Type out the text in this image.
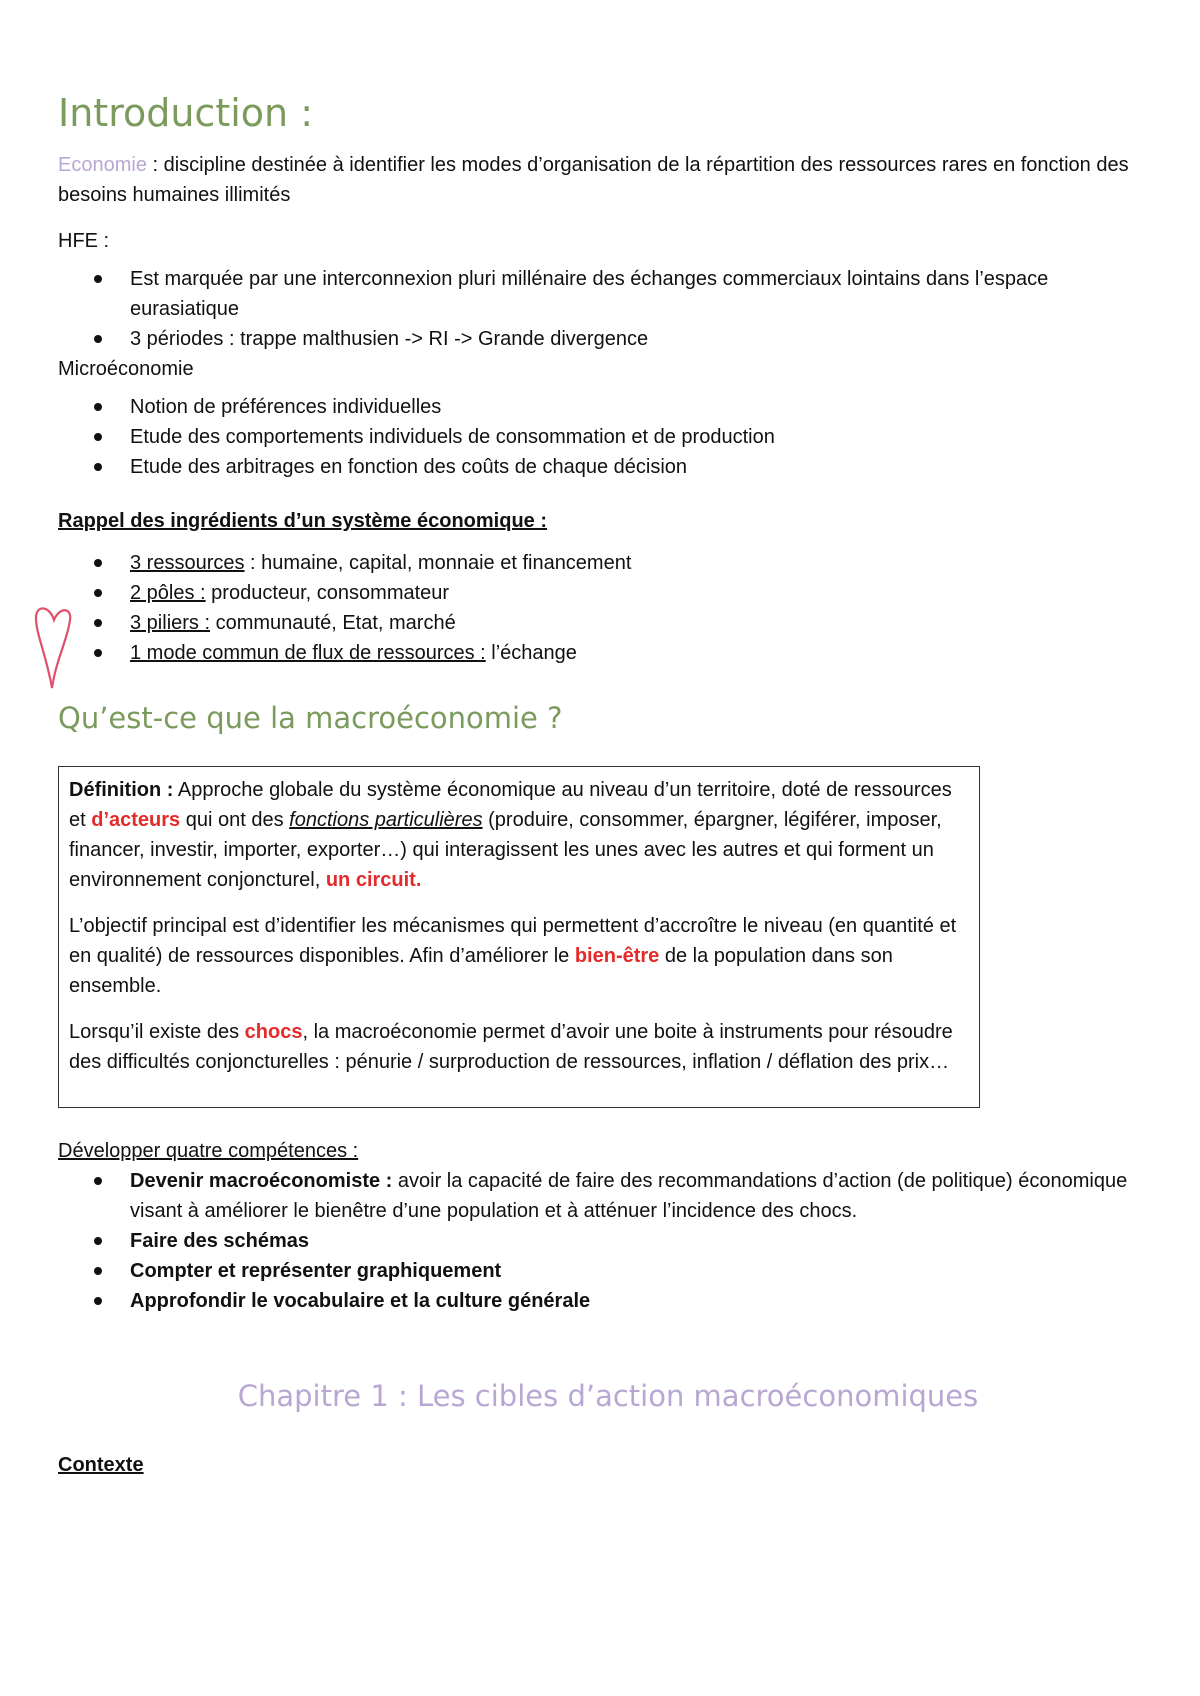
Introduction :

Economie : discipline destinée à identifier les modes d’organisation de la répartition des ressources rares en fonction des besoins humaines illimités

HFE :

Est marquée par une interconnexion pluri millénaire des échanges commerciaux lointains dans l’espace eurasiatique
3 périodes : trappe malthusien -> RI -> Grande divergence

Microéconomie

Notion de préférences individuelles
Etude des comportements individuels de consommation et de production
Etude des arbitrages en fonction des coûts de chaque décision

Rappel des ingrédients d’un système économique :

3 ressources : humaine, capital, monnaie et financement
2 pôles : producteur, consommateur
3 piliers : communauté, Etat, marché
1 mode commun de flux de ressources : l’échange
Qu’est-ce que la macroéconomie ?

Définition : Approche globale du système économique au niveau d’un territoire, doté de ressources et d’acteurs qui ont des fonctions particulières (produire, consommer, épargner, légiférer, imposer, financer, investir, importer, exporter…) qui interagissent les unes avec les autres et qui forment un environnement conjoncturel, un circuit.

L’objectif principal est d’identifier les mécanismes qui permettent d’accroître le niveau (en quantité et en qualité) de ressources disponibles. Afin d’améliorer le bien-être de la population dans son ensemble.

Lorsqu’il existe des chocs, la macroéconomie permet d’avoir une boite à instruments pour résoudre des difficultés conjoncturelles : pénurie / surproduction de ressources, inflation / déflation des prix…

Développer quatre compétences :

Devenir macroéconomiste : avoir la capacité de faire des recommandations d’action (de politique) économique visant à améliorer le bienêtre d’une population et à atténuer l’incidence des chocs.
Faire des schémas
Compter et représenter graphiquement
Approfondir le vocabulaire et la culture générale
Chapitre 1 : Les cibles d’action macroéconomiques

Contexte
